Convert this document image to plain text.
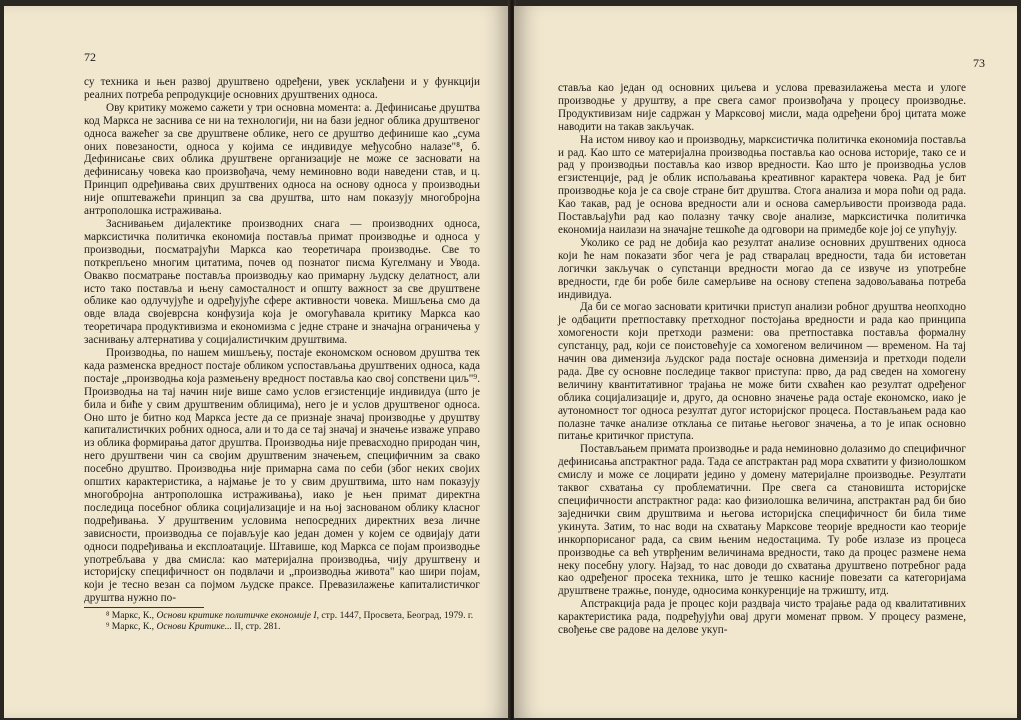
72

су техника и њен развој друштвено одређени, увек усклађени и у функцији реалних потреба репродукције основних друштвених односа.

Ову критику можемо сажети у три основна момента: а. Дефинисање друштва код Маркса не заснива се ни на технологији, ни на бази једног облика друштвеног односа важећег за све друштвене облике, него се друштво дефинише као „сума оних повезаности, односа у којима се индивидуе међусобно налазе"⁸, б. Дефинисање свих облика друштвене организације не може се засновати на дефинисању човека као произвођача, чему неминовно води наведени став, и ц. Принцип одређивања свих друштвених односа на основу односа у производњи није општеважећи принцип за сва друштва, што нам показују многобројна антрополошка истраживања.

Заснивањем дијалектике производних снага — производних односа, марксистичка политичка економија поставља примат производње и односа у производњи, посматрајући Маркса као теоретичара производње. Све то поткрепљено многим цитатима, почев од познатог писма Кугелману и Увода. Овакво посматрање постављa производњу као примарну људску делатност, али исто тако постављa и њену самосталност и општу важност за све друштвене облике као одлучујуће и одређујуће сфере активности човека. Мишљења смо да овде влада својеврсна конфузија која је омогућавала критику Маркса као теоретичара продуктивизма и економизма с једне стране и значајна ограничења у заснивању алтернатива у социјалистичким друштвима.

Производња, по нашем мишљењу, постаје економском основом друштва тек када разменска вредност постаје обликом успостављања друштвених односа, када постаје „производња која размењену вредност поставља као свој сопствени циљ"⁹. Производња на тај начин није више само услов егзистенције индивидуа (што је била и биће у свим друштвеним облицима), него је и услов друштвеног односа. Оно што је битно код Маркса јесте да се признаје значај производње у друштву капиталистичких робних односа, али и то да се тај значај и значење изважe управо из облика формирања датог друштва. Производња није превасходно природан чин, него друштвени чин са својим друштвеним значењем, специфичним за свако посебно друштво. Производња није примарна сама по себи (због неких својих општих карактеристика, а најмање је то у свим друштвима, што нам показују многобројна антрополошка истраживања), иако је њен примат директна последица посебног облика социјализације и на њој заснованом облику класног подређивања. У друштвеним условима непосредних директних веза личне зависности, производња се појављује као један домен у којем се одвијају дати односи подређивања и експлоатације. Штавише, код Маркса се појам производње употребљава у два смисла: као материјална производња, чију друштвену и историјску специфичност он подвлачи и „производња живота" као шири појам, који је тесно везан са појмом људске праксе. Превазилажење капиталистичког друштва нужно по-

⁸ Маркс, К., Основи критике политичке економије I, стр. 1447, Просвета, Београд, 1979. г.

⁹ Маркс, К., Основи Критике... II, стр. 281.

73

стављa као један од основних циљева и услова превазилажења места и улоге производње у друштву, а пре свега самог произвођача у процесу производње. Продуктивизам није садржан у Марксовој мисли, мада одређени број цитата може наводити на такав закључак.

На истом нивоу као и производњу, марксистичка политичка економија поставља и рад. Као што се материјална производња поставља као основа историје, тако се и рад у производњи поставља као извор вредности. Као што је производња услов егзистенције, рад је облик испољавања креативног карактера човека. Рад је бит производње која је са своје стране бит друштва. Стога анализа и мора поћи од рада. Као такав, рад је основа вредности али и основа самерљивости производа рада. Постављајући рад као полазну тачку своје анализе, марксистичка политичка економија наилази на значајне тешкоће да одговори на примедбе које јој се упућују.

Уколико се рад не добија као резултат анализе основних друштвених односа који ће нам показати због чега је рад стваралац вредности, тада би истоветан логички закључак о супстанци вредности могао да се извуче из употребне вредности, где би робе биле самерљиве на основу степена задовољавања потреба индивидуа.

Да би се могао засновати критички приступ анализи робног друштва неопходно је одбацити претпоставку претходног постојања вредности и рада као принципа хомогености који претходи размени: ова претпоставка постављa формалну супстанцу, рад, који се поистовећује са хомогеном величином — временом. На тај начин ова димензија људског рада постаје основна димензија и претходи подели рада. Две су основне последице таквог приступа: прво, да рад сведен на хомогену величину квантитативног трајања не може бити схваћен као резултат одређеног облика социјализације и, друго, да основно значење рада остаје економско, иако је аутономност тог односа резултат дугог историјског процеса. Постављањем рада као полазне тачке анализе отклања се питање његовог значења, а то је ипак основно питање критичког приступа.

Постављањем примата производње и рада неминовно долазимо до специфичног дефинисања апстрактног рада. Тада се апстрактан рад мора схватити у физиолошком смислу и може се лоцирати једино у домену материјалне производње. Резултати таквог схватања су проблематични. Пре свега са становишта историјске специфичности апстрактног рада: као физиолошка величина, апстрактан рад би био заједнички свим друштвима и његова историјска специфичност би била тиме укинута. Затим, то нас води на схватању Марксове теорије вредности као теорије инкорпорисаног рада, са свим њеним недостацима. Ту робе излазе из процеса производње са већ утврђеним величинама вредности, тако да процес размене нема неку посебну улогу. Најзад, то нас доводи до схватања друштвено потребног рада као одређеног просека техника, што је тешко касније повезати са категоријама друштвене тражње, понуде, односима конкуренције на тржишту, итд.

Апстракција рада је процес који раздваја чисто трајање рада од квалитативних карактеристика рада, подређујући овај други моменат првом. У процесу размене, свођење све радове на делове укуп-
